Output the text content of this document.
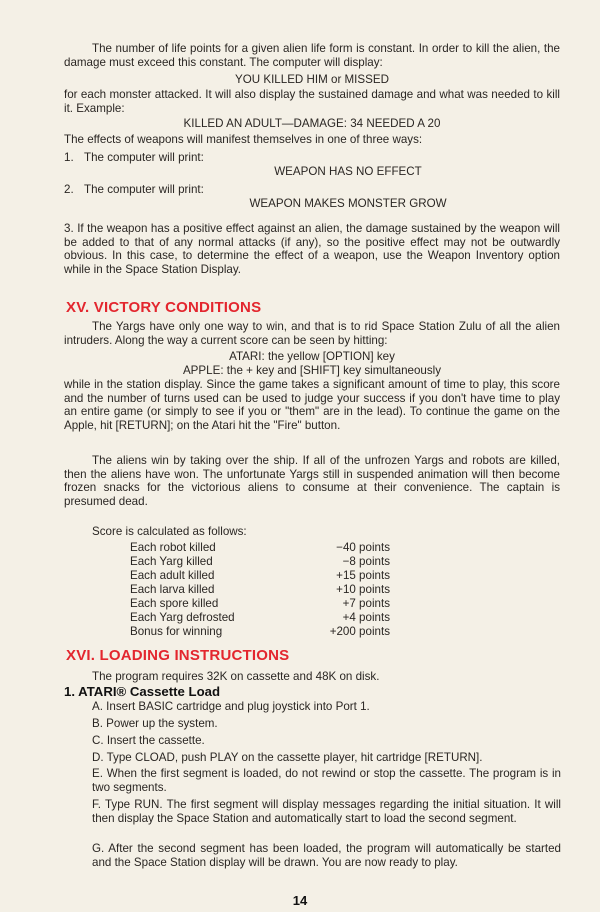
The number of life points for a given alien life form is constant. In order to kill the alien, the damage must exceed this constant. The computer will display:
YOU KILLED HIM or MISSED
for each monster attacked. It will also display the sustained damage and what was needed to kill it. Example:
KILLED AN ADULT—DAMAGE: 34 NEEDED A 20
The effects of weapons will manifest themselves in one of three ways:
1. The computer will print:
WEAPON HAS NO EFFECT
2. The computer will print:
WEAPON MAKES MONSTER GROW
3. If the weapon has a positive effect against an alien, the damage sustained by the weapon will be added to that of any normal attacks (if any), so the positive effect may not be outwardly obvious. In this case, to determine the effect of a weapon, use the Weapon Inventory option while in the Space Station Display.
XV. VICTORY CONDITIONS
The Yargs have only one way to win, and that is to rid Space Station Zulu of all the alien intruders. Along the way a current score can be seen by hitting:
ATARI: the yellow [OPTION] key
APPLE: the + key and [SHIFT] key simultaneously
while in the station display. Since the game takes a significant amount of time to play, this score and the number of turns used can be used to judge your success if you don't have time to play an entire game (or simply to see if you or "them" are in the lead). To continue the game on the Apple, hit [RETURN]; on the Atari hit the "Fire" button.
The aliens win by taking over the ship. If all of the unfrozen Yargs and robots are killed, then the aliens have won. The unfortunate Yargs still in suspended animation will then become frozen snacks for the victorious aliens to consume at their convenience. The captain is presumed dead.
Score is calculated as follows:
Each robot killed	−40 points
Each Yarg killed	−8 points
Each adult killed	+15 points
Each larva killed	+10 points
Each spore killed	+7 points
Each Yarg defrosted	+4 points
Bonus for winning	+200 points
XVI. LOADING INSTRUCTIONS
The program requires 32K on cassette and 48K on disk.
1. ATARI® Cassette Load
A. Insert BASIC cartridge and plug joystick into Port 1.
B. Power up the system.
C. Insert the cassette.
D. Type CLOAD, push PLAY on the cassette player, hit cartridge [RETURN].
E. When the first segment is loaded, do not rewind or stop the cassette. The program is in two segments.
F. Type RUN. The first segment will display messages regarding the initial situation. It will then display the Space Station and automatically start to load the second segment.
G. After the second segment has been loaded, the program will automatically be started and the Space Station display will be drawn. You are now ready to play.
14
